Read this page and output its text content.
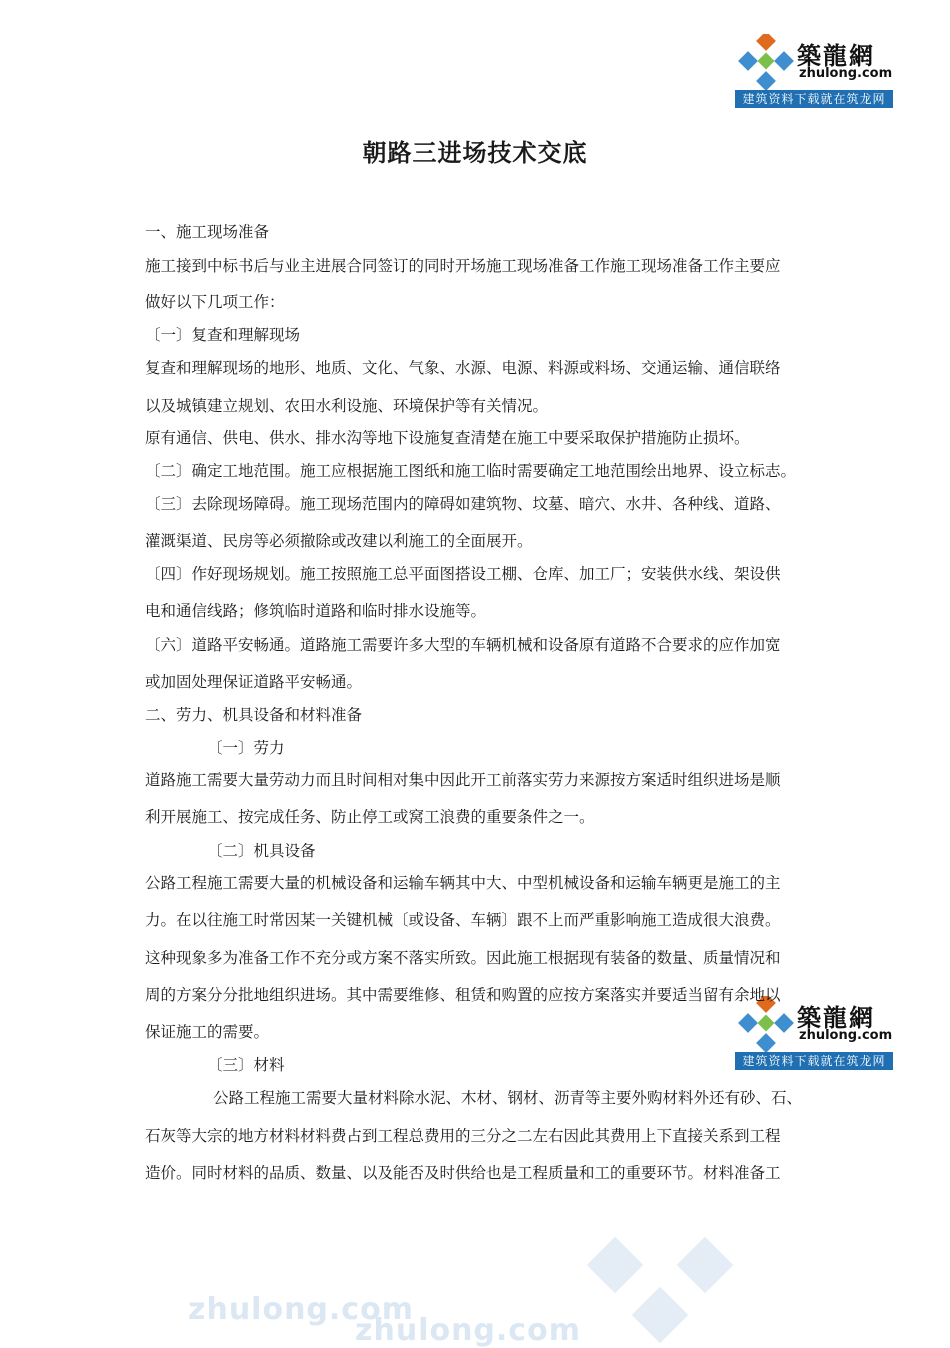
築龍網
zhulong.com
建筑资料下载就在筑龙网
築龍網
zhulong.com
建筑资料下载就在筑龙网
zhulong.com
zhulong.com
朝路三进场技术交底
一、施工现场准备
施工接到中标书后与业主进展合同签订的同时开场施工现场准备工作施工现场准备工作主要应
做好以下几项工作：
〔一〕复查和理解现场
复查和理解现场的地形、地质、文化、气象、水源、电源、料源或料场、交通运输、通信联络
以及城镇建立规划、农田水利设施、环境保护等有关情况。
原有通信、供电、供水、排水沟等地下设施复查清楚在施工中要采取保护措施防止损坏。
〔二〕确定工地范围。施工应根据施工图纸和施工临时需要确定工地范围绘出地界、设立标志。
〔三〕去除现场障碍。施工现场范围内的障碍如建筑物、坟墓、暗穴、水井、各种线、道路、
灌溉渠道、民房等必须撤除或改建以利施工的全面展开。
〔四〕作好现场规划。施工按照施工总平面图搭设工棚、仓库、加工厂；安装供水线、架设供
电和通信线路；修筑临时道路和临时排水设施等。
〔六〕道路平安畅通。道路施工需要许多大型的车辆机械和设备原有道路不合要求的应作加宽
或加固处理保证道路平安畅通。
二、劳力、机具设备和材料准备
〔一〕劳力
道路施工需要大量劳动力而且时间相对集中因此开工前落实劳力来源按方案适时组织进场是顺
利开展施工、按完成任务、防止停工或窝工浪费的重要条件之一。
〔二〕机具设备
公路工程施工需要大量的机械设备和运输车辆其中大、中型机械设备和运输车辆更是施工的主
力。在以往施工时常因某一关键机械〔或设备、车辆〕跟不上而严重影响施工造成很大浪费。
这种现象多为准备工作不充分或方案不落实所致。因此施工根据现有装备的数量、质量情况和
周的方案分分批地组织进场。其中需要维修、租赁和购置的应按方案落实并要适当留有余地以
保证施工的需要。
〔三〕材料
公路工程施工需要大量材料除水泥、木材、钢材、沥青等主要外购材料外还有砂、石、
石灰等大宗的地方材料材料费占到工程总费用的三分之二左右因此其费用上下直接关系到工程
造价。同时材料的品质、数量、以及能否及时供给也是工程质量和工的重要环节。材料准备工
